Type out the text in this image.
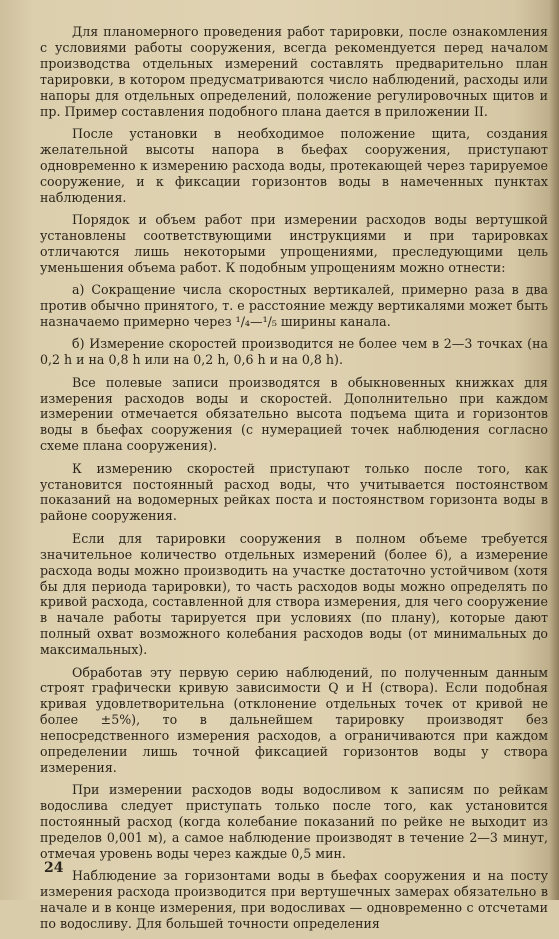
Для планомерного проведения работ тарировки, после ознакомления с условиями работы сооружения, всегда рекомендуется перед началом производства отдельных измерений составлять предварительно план тарировки, в котором предусматриваются число наблюдений, расходы или напоры для отдельных определений, положение регулировочных щитов и пр. Пример составления подобного плана дается в приложении II.

После установки в необходимое положение щита, создания желательной высоты напора в бьефах сооружения, приступают одновременно к измерению расхода воды, протекающей через тарируемое сооружение, и к фиксации горизонтов воды в намеченных пунктах наблюдения.

Порядок и объем работ при измерении расходов воды вертушкой установлены соответствующими инструкциями и при тарировках отличаются лишь некоторыми упрощениями, преследующими цель уменьшения объема работ. К подобным упрощениям можно отнести:

а) Сокращение числа скоростных вертикалей, примерно раза в два против обычно принятого, т. е расстояние между вертикалями может быть назначаемо примерно через ¹/₄—¹/₅ ширины канала.

б) Измерение скоростей производится не более чем в 2—3 точках (на 0,2 h и на 0,8 h или на 0,2 h, 0,6 h и на 0,8 h).

Все полевые записи производятся в обыкновенных книжках для измерения расходов воды и скоростей. Дополнительно при каждом измерении отмечается обязательно высота подъема щита и горизонтов воды в бьефах сооружения (с нумерацией точек наблюдения согласно схеме плана сооружения).

К измерению скоростей приступают только после того, как установится постоянный расход воды, что учитывается постоянством показаний на водомерных рейках поста и постоянством горизонта воды в районе сооружения.

Если для тарировки сооружения в полном объеме требуется значительное количество отдельных измерений (более 6), а измерение расхода воды можно производить на участке достаточно устойчивом (хотя бы для периода тарировки), то часть расходов воды можно определять по кривой расхода, составленной для створа измерения, для чего сооружение в начале работы тарируется при условиях (по плану), которые дают полный охват возможного колебания расходов воды (от минимальных до максимальных).

Обработав эту первую серию наблюдений, по полученным данным строят графически кривую зависимости Q и H (створа). Если подобная кривая удовлетворительна (отклонение отдельных точек от кривой не более ±5%), то в дальнейшем тарировку производят без непосредственного измерения расходов, а ограничиваются при каждом определении лишь точной фиксацией горизонтов воды у створа измерения.

При измерении расходов воды водосливом к записям по рейкам водослива следует приступать только после того, как установится постоянный расход (когда колебание показаний по рейке не выходит из пределов 0,001 м), а самое наблюдение производят в течение 2—3 минут, отмечая уровень воды через каждые 0,5 мин.

Наблюдение за горизонтами воды в бьефах сооружения и на посту измерения расхода производится при вертушечных замерах обязательно в начале и в конце измерения, при водосливах — одновременно с отсчетами по водосливу. Для большей точности определения

24
